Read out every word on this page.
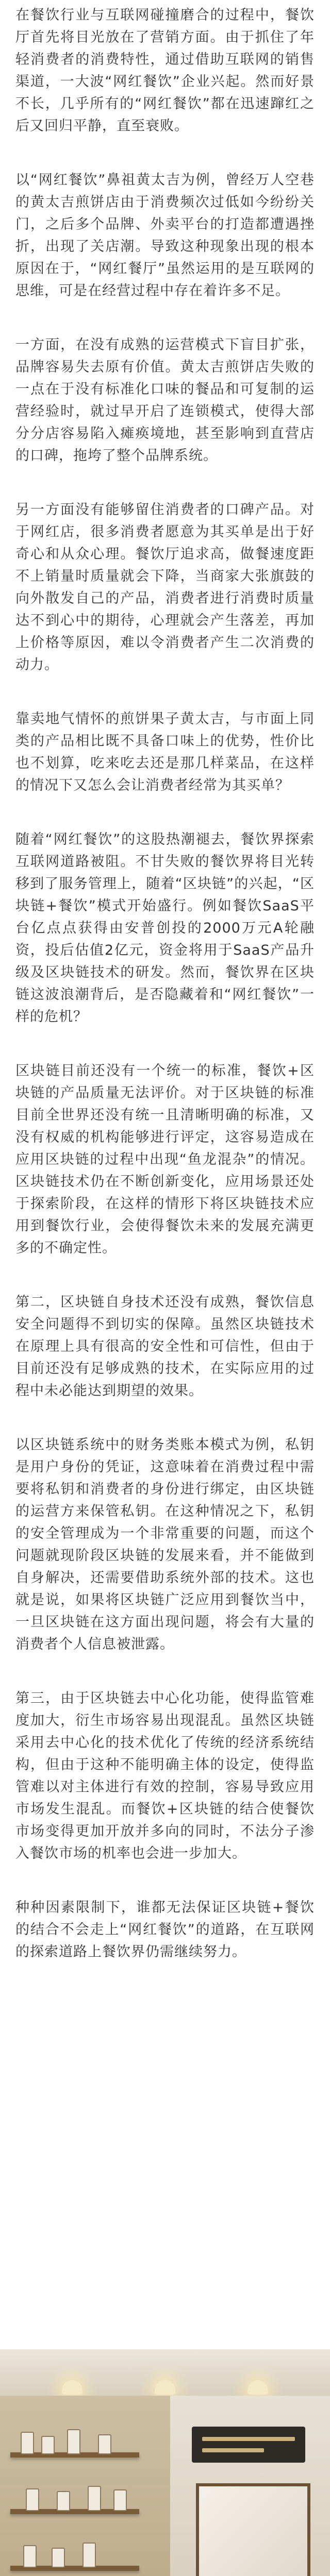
在餐饮行业与互联网碰撞磨合的过程中，餐饮厅首先将目光放在了营销方面。由于抓住了年轻消费者的消费特性，通过借助互联网的销售渠道，一大波“网红餐饮”企业兴起。然而好景不长，几乎所有的“网红餐饮”都在迅速蹿红之后又回归平静，直至衰败。

以“网红餐饮”鼻祖黄太吉为例，曾经万人空巷的黄太吉煎饼店由于消费频次过低如今纷纷关门，之后多个品牌、外卖平台的打造都遭遇挫折，出现了关店潮。导致这种现象出现的根本原因在于，“网红餐厅”虽然运用的是互联网的思维，可是在经营过程中存在着许多不足。

一方面，在没有成熟的运营模式下盲目扩张，品牌容易失去原有价值。黄太吉煎饼店失败的一点在于没有标准化口味的餐品和可复制的运营经验时，就过早开启了连锁模式，使得大部分分店容易陷入瘫痪境地，甚至影响到直营店的口碑，拖垮了整个品牌系统。

另一方面没有能够留住消费者的口碑产品。对于网红店，很多消费者愿意为其买单是出于好奇心和从众心理。餐饮厅追求高，做餐速度距不上销量时质量就会下降，当商家大张旗鼓的向外散发自己的产品，消费者进行消费时质量达不到心中的期待，心理就会产生落差，再加上价格等原因，难以令消费者产生二次消费的动力。

靠卖地气情怀的煎饼果子黄太吉，与市面上同类的产品相比既不具备口味上的优势，性价比也不划算，吃来吃去还是那几样菜品，在这样的情况下又怎么会让消费者经常为其买单？

随着“网红餐饮”的这股热潮褪去，餐饮界探索互联网道路被阻。不甘失败的餐饮界将目光转移到了服务管理上，随着“区块链”的兴起，“区块链+餐饮”模式开始盛行。例如餐饮SaaS平台亿点点获得由安普创投的2000万元A轮融资，投后估值2亿元，资金将用于SaaS产品升级及区块链技术的研发。然而，餐饮界在区块链这波浪潮背后，是否隐藏着和“网红餐饮”一样的危机？

区块链目前还没有一个统一的标准，餐饮+区块链的产品质量无法评价。对于区块链的标准目前全世界还没有统一且清晰明确的标准，又没有权威的机构能够进行评定，这容易造成在应用区块链的过程中出现“鱼龙混杂”的情况。区块链技术仍在不断创新变化，应用场景还处于探索阶段，在这样的情形下将区块链技术应用到餐饮行业，会使得餐饮未来的发展充满更多的不确定性。

第二，区块链自身技术还没有成熟，餐饮信息安全问题得不到切实的保障。虽然区块链技术在原理上具有很高的安全性和可信性，但由于目前还没有足够成熟的技术，在实际应用的过程中未必能达到期望的效果。

以区块链系统中的财务类账本模式为例，私钥是用户身份的凭证，这意味着在消费过程中需要将私钥和消费者的身份进行绑定，由区块链的运营方来保管私钥。在这种情况之下，私钥的安全管理成为一个非常重要的问题，而这个问题就现阶段区块链的发展来看，并不能做到自身解决，还需要借助系统外部的技术。这也就是说，如果将区块链广泛应用到餐饮当中，一旦区块链在这方面出现问题，将会有大量的消费者个人信息被泄露。

第三，由于区块链去中心化功能，使得监管难度加大，衍生市场容易出现混乱。虽然区块链采用去中心化的技术优化了传统的经济系统结构，但由于这种不能明确主体的设定，使得监管难以对主体进行有效的控制，容易导致应用市场发生混乱。而餐饮+区块链的结合使餐饮市场变得更加开放并多向的同时，不法分子渗入餐饮市场的机率也会进一步加大。

种种因素限制下，谁都无法保证区块链+餐饮的结合不会走上“网红餐饮”的道路，在互联网的探索道路上餐饮界仍需继续努力。
